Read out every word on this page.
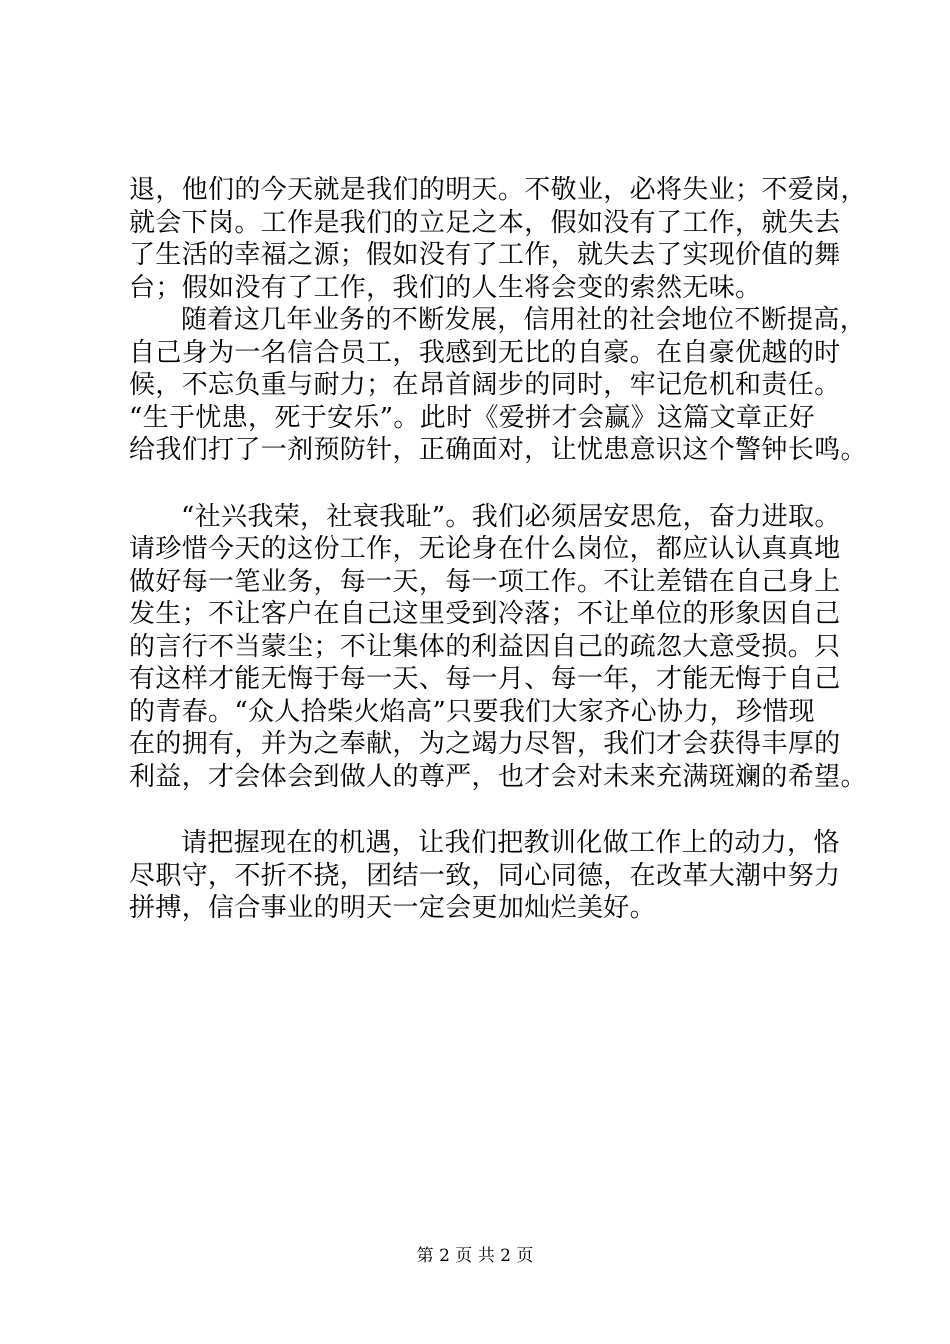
退，他们的今天就是我们的明天。不敬业，必将失业；不爱岗，
就会下岗。工作是我们的立足之本，假如没有了工作，就失去
了生活的幸福之源；假如没有了工作，就失去了实现价值的舞
台；假如没有了工作，我们的人生将会变的索然无味。
随着这几年业务的不断发展，信用社的社会地位不断提高，
自己身为一名信合员工，我感到无比的自豪。在自豪优越的时
候，不忘负重与耐力；在昂首阔步的同时，牢记危机和责任。
“生于忧患，死于安乐”。此时《爱拼才会赢》这篇文章正好
给我们打了一剂预防针，正确面对，让忧患意识这个警钟长鸣。
“社兴我荣，社衰我耻”。我们必须居安思危，奋力进取。
请珍惜今天的这份工作，无论身在什么岗位，都应认认真真地
做好每一笔业务，每一天，每一项工作。不让差错在自己身上
发生；不让客户在自己这里受到冷落；不让单位的形象因自己
的言行不当蒙尘；不让集体的利益因自己的疏忽大意受损。只
有这样才能无悔于每一天、每一月、每一年，才能无悔于自己
的青春。“众人拾柴火焰高”只要我们大家齐心协力，珍惜现
在的拥有，并为之奉献，为之竭力尽智，我们才会获得丰厚的
利益，才会体会到做人的尊严，也才会对未来充满斑斓的希望。
请把握现在的机遇，让我们把教训化做工作上的动力，恪
尽职守，不折不挠，团结一致，同心同德，在改革大潮中努力
拼搏，信合事业的明天一定会更加灿烂美好。
第 2 页 共 2 页
